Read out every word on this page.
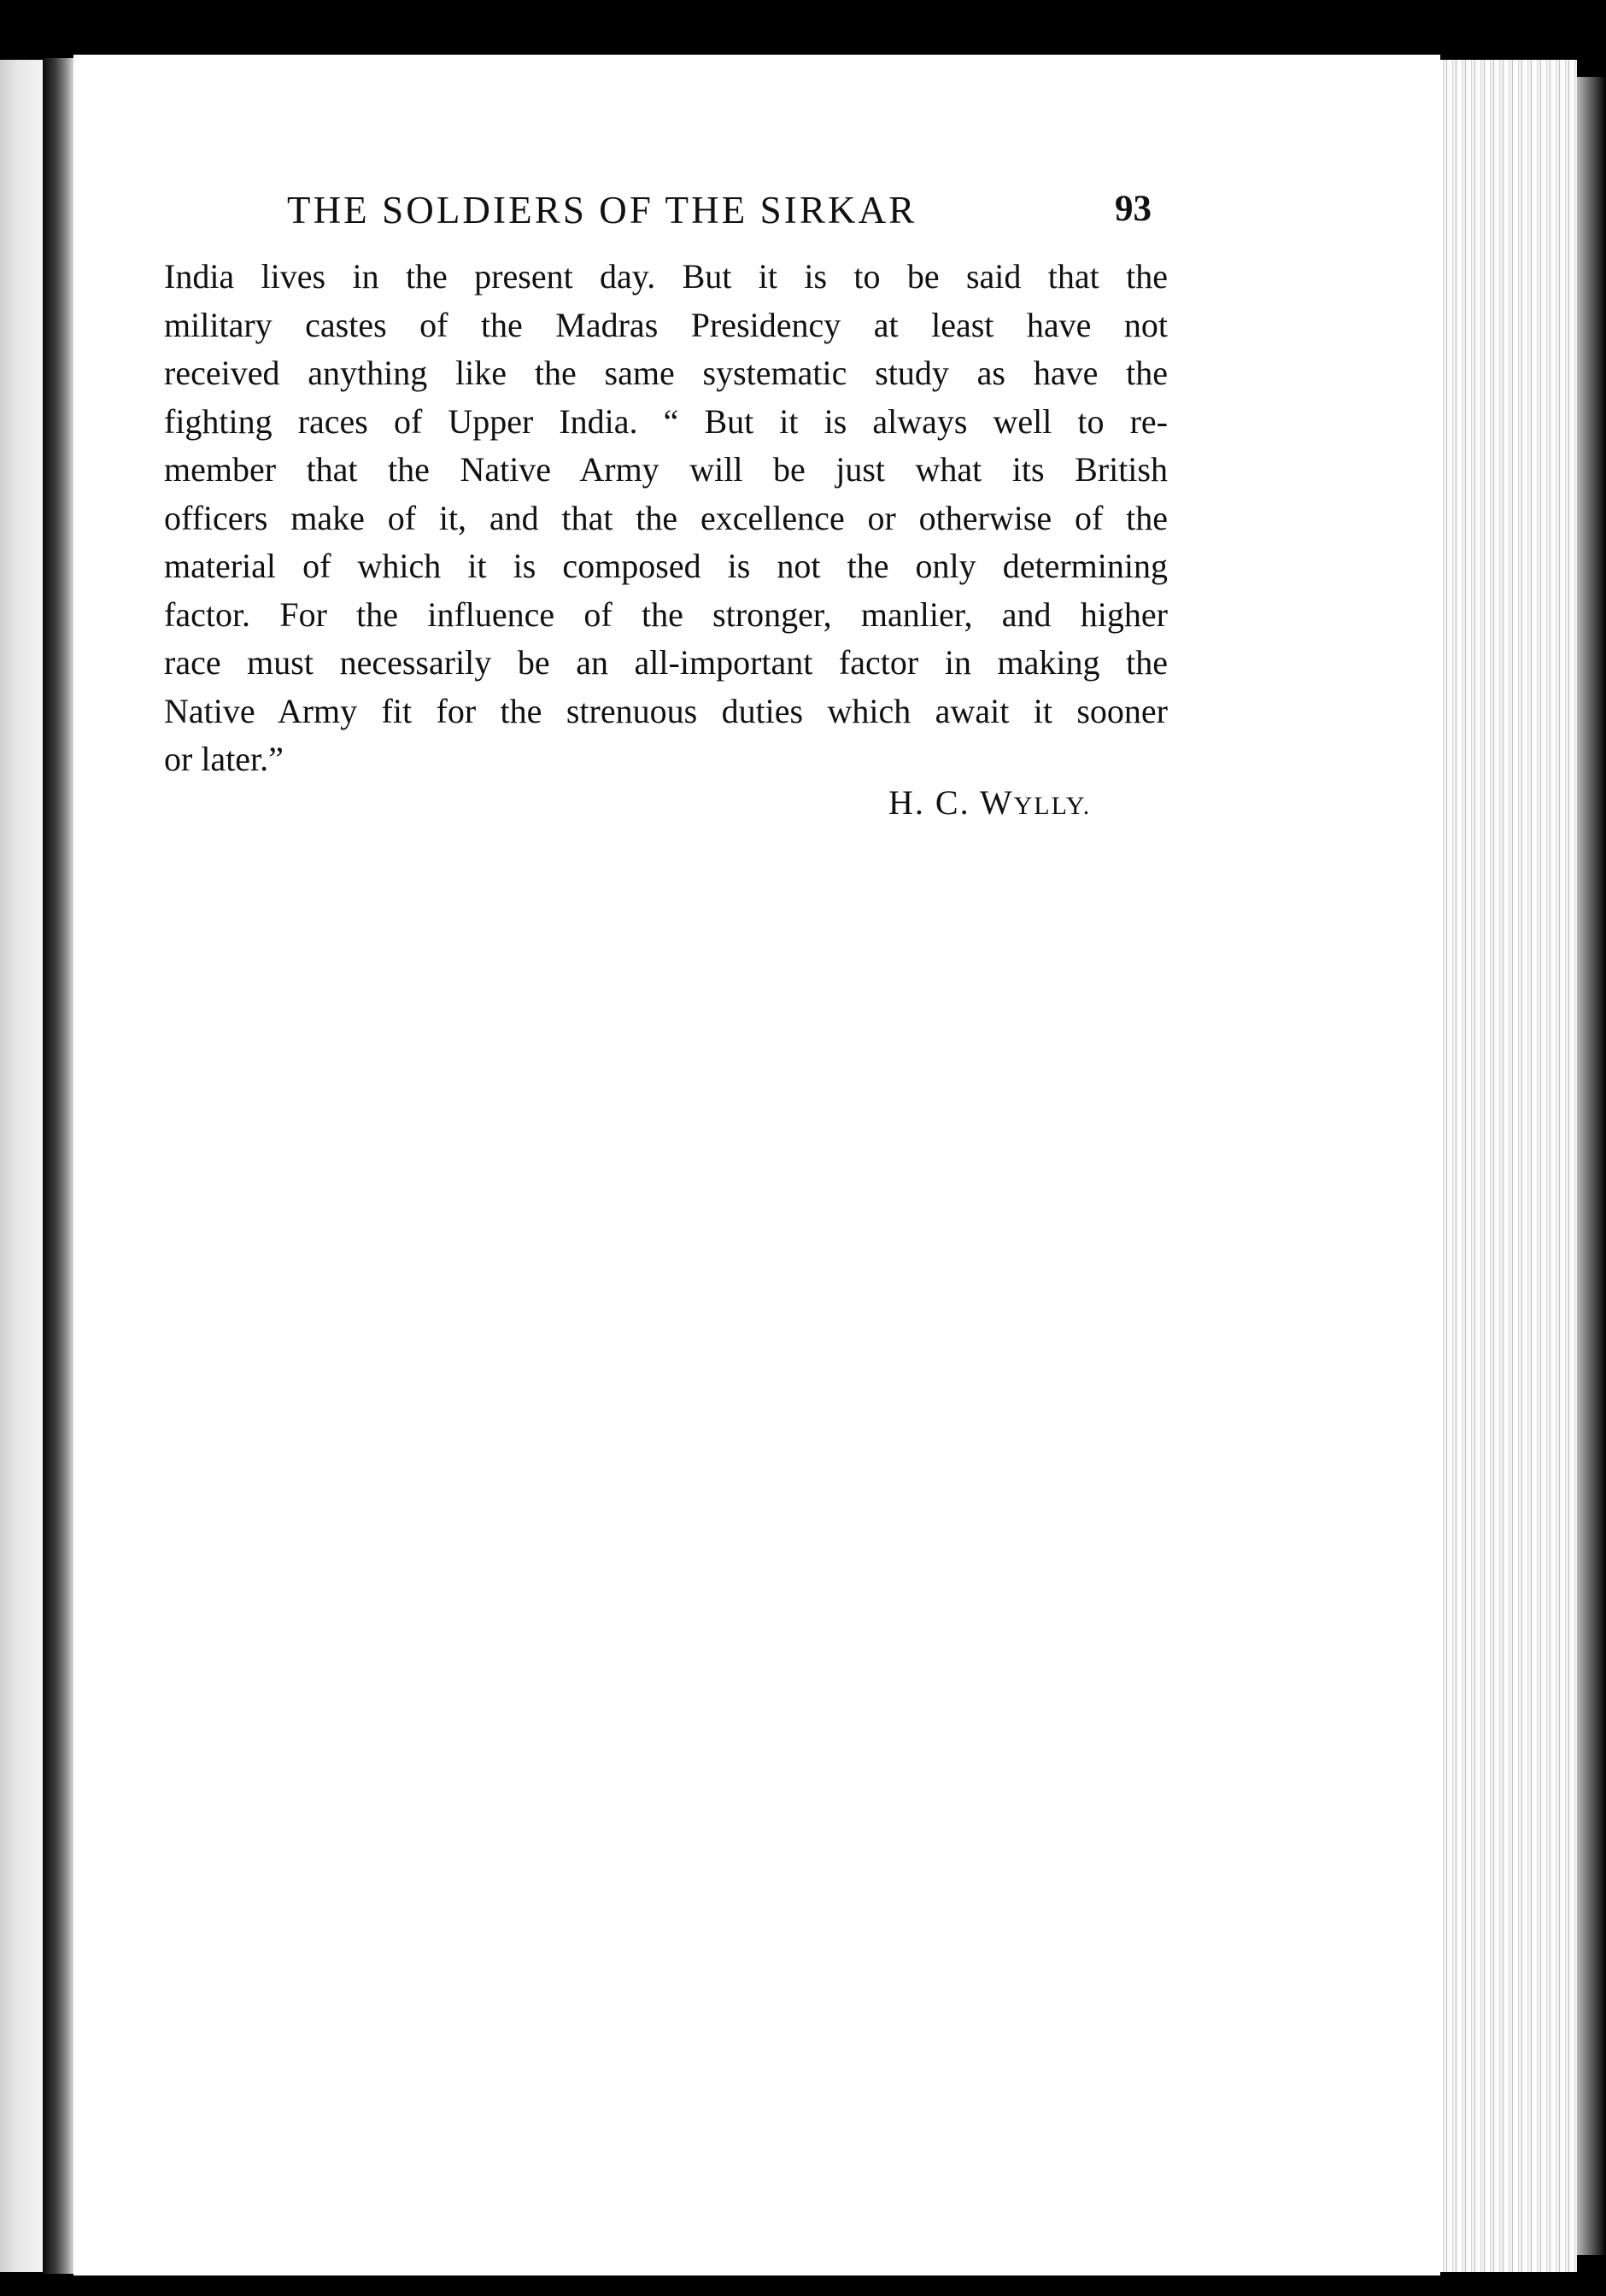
THE SOLDIERS OF THE SIRKAR	93
India lives in the present day. But it is to be said that the
military castes of the Madras Presidency at least have not
received anything like the same systematic study as have the
fighting races of Upper India. “ But it is always well to re-
member that the Native Army will be just what its British
officers make of it, and that the excellence or otherwise of the
material of which it is composed is not the only determining
factor. For the influence of the stronger, manlier, and higher
race must necessarily be an all-important factor in making the
Native Army fit for the strenuous duties which await it sooner
or later.”
H. C. WYLLY.
